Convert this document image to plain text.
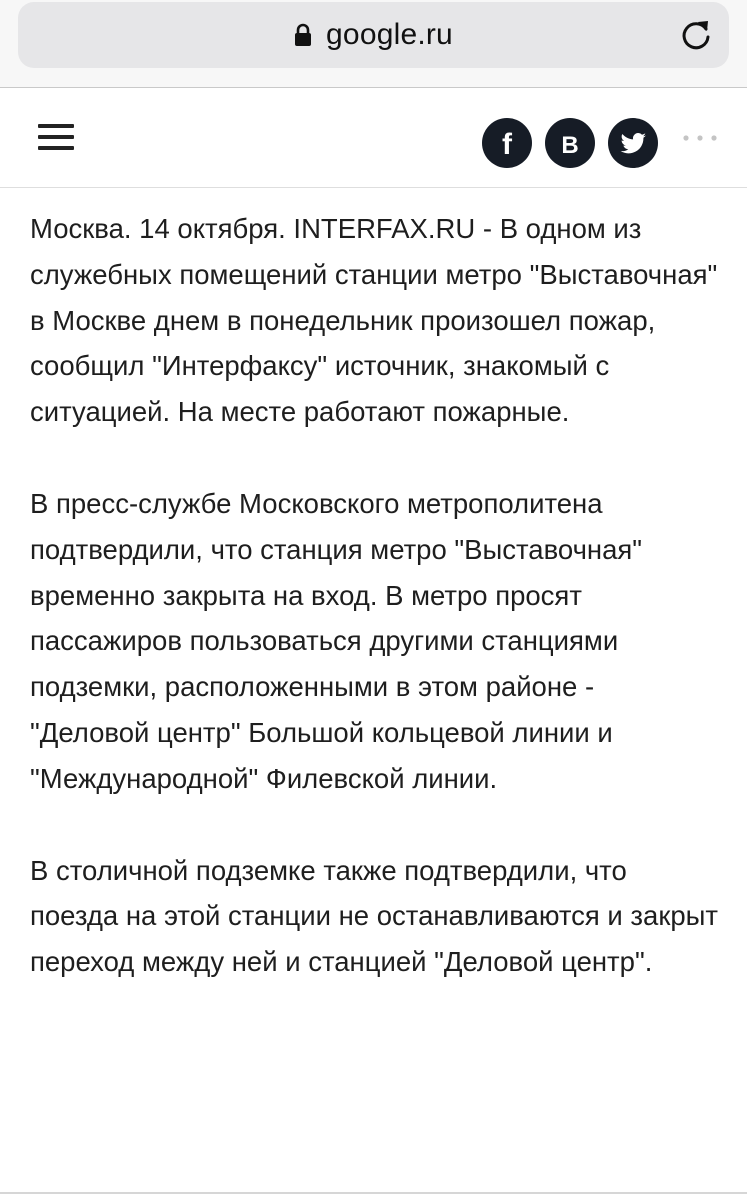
google.ru
f В

Москва. 14 октября. INTERFAX.RU - В одном из служебных помещений станции метро "Выставочная" в Москве днем в понедельник произошел пожар, сообщил "Интерфаксу" источник, знакомый с ситуацией. На месте работают пожарные.

В пресс-службе Московского метрополитена подтвердили, что станция метро "Выставочная" временно закрыта на вход. В метро просят пассажиров пользоваться другими станциями подземки, расположенными в этом районе - "Деловой центр" Большой кольцевой линии и "Международной" Филевской линии.

В столичной подземке также подтвердили, что поезда на этой станции не останавливаются и закрыт переход между ней и станцией "Деловой центр".
